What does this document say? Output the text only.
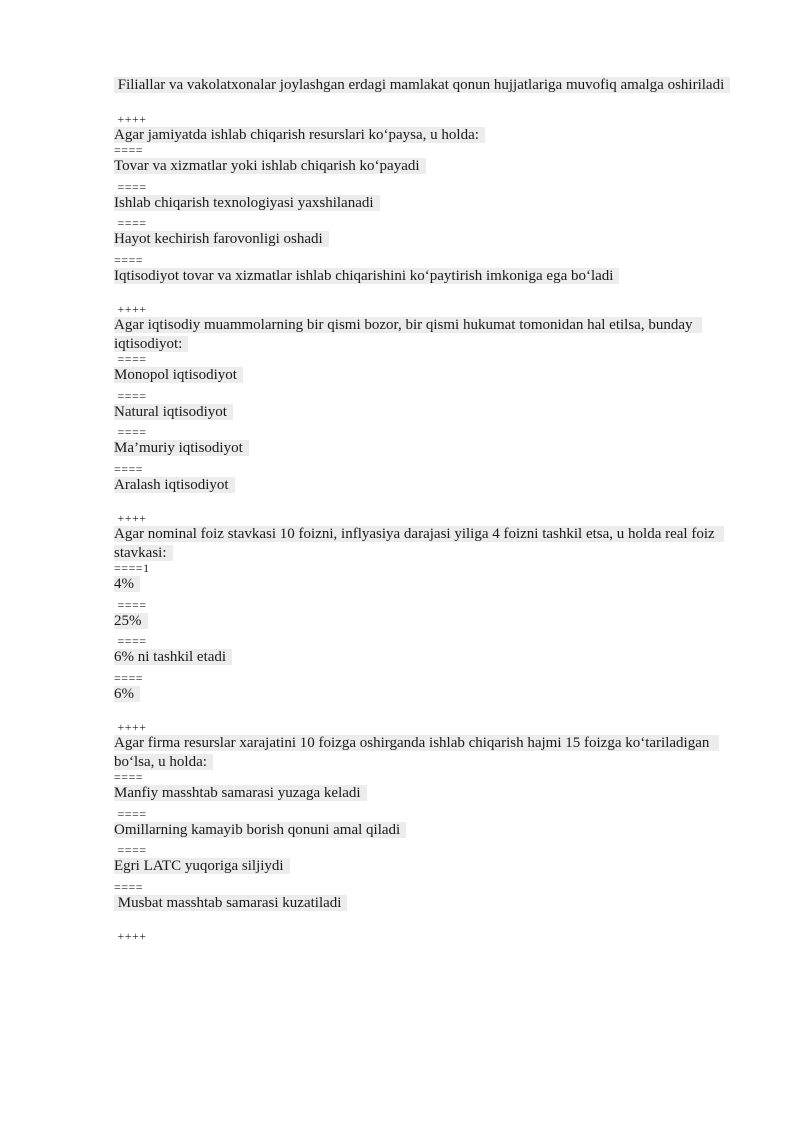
Filiallar va vakolatxonalar joylashgan erdagi mamlakat qonun hujjatlariga muvofiq amalga oshiriladi
++++
Agar jamiyatda ishlab chiqarish resurslari koʻpaysa, u holda:
====
Tovar va xizmatlar yoki ishlab chiqarish koʻpayadi
====
Ishlab chiqarish texnologiyasi yaxshilanadi
====
Hayot kechirish farovonligi oshadi
====
Iqtisodiyot tovar va xizmatlar ishlab chiqarishini koʻpaytirish imkoniga ega boʻladi
++++
Agar iqtisodiy muammolarning bir qismi bozor, bir qismi hukumat tomonidan hal etilsa, bunday iqtisodiyot:
====
Monopol iqtisodiyot
====
Natural iqtisodiyot
====
Ma’muriy iqtisodiyot
====
Aralash iqtisodiyot
++++
Agar nominal foiz stavkasi 10 foizni, inflyasiya darajasi yiliga 4 foizni tashkil etsa, u holda real foiz stavkasi:
====1
4%
====
25%
====
6% ni tashkil etadi
====
6%
++++
Agar firma resurslar xarajatini 10 foizga oshirganda ishlab chiqarish hajmi 15 foizga koʻtariladigan boʻlsa, u holda:
====
Manfiy masshtab samarasi yuzaga keladi
====
Omillarning kamayib borish qonuni amal qiladi
====
Egri LATC yuqoriga siljiydi
====
Musbat masshtab samarasi kuzatiladi
++++
